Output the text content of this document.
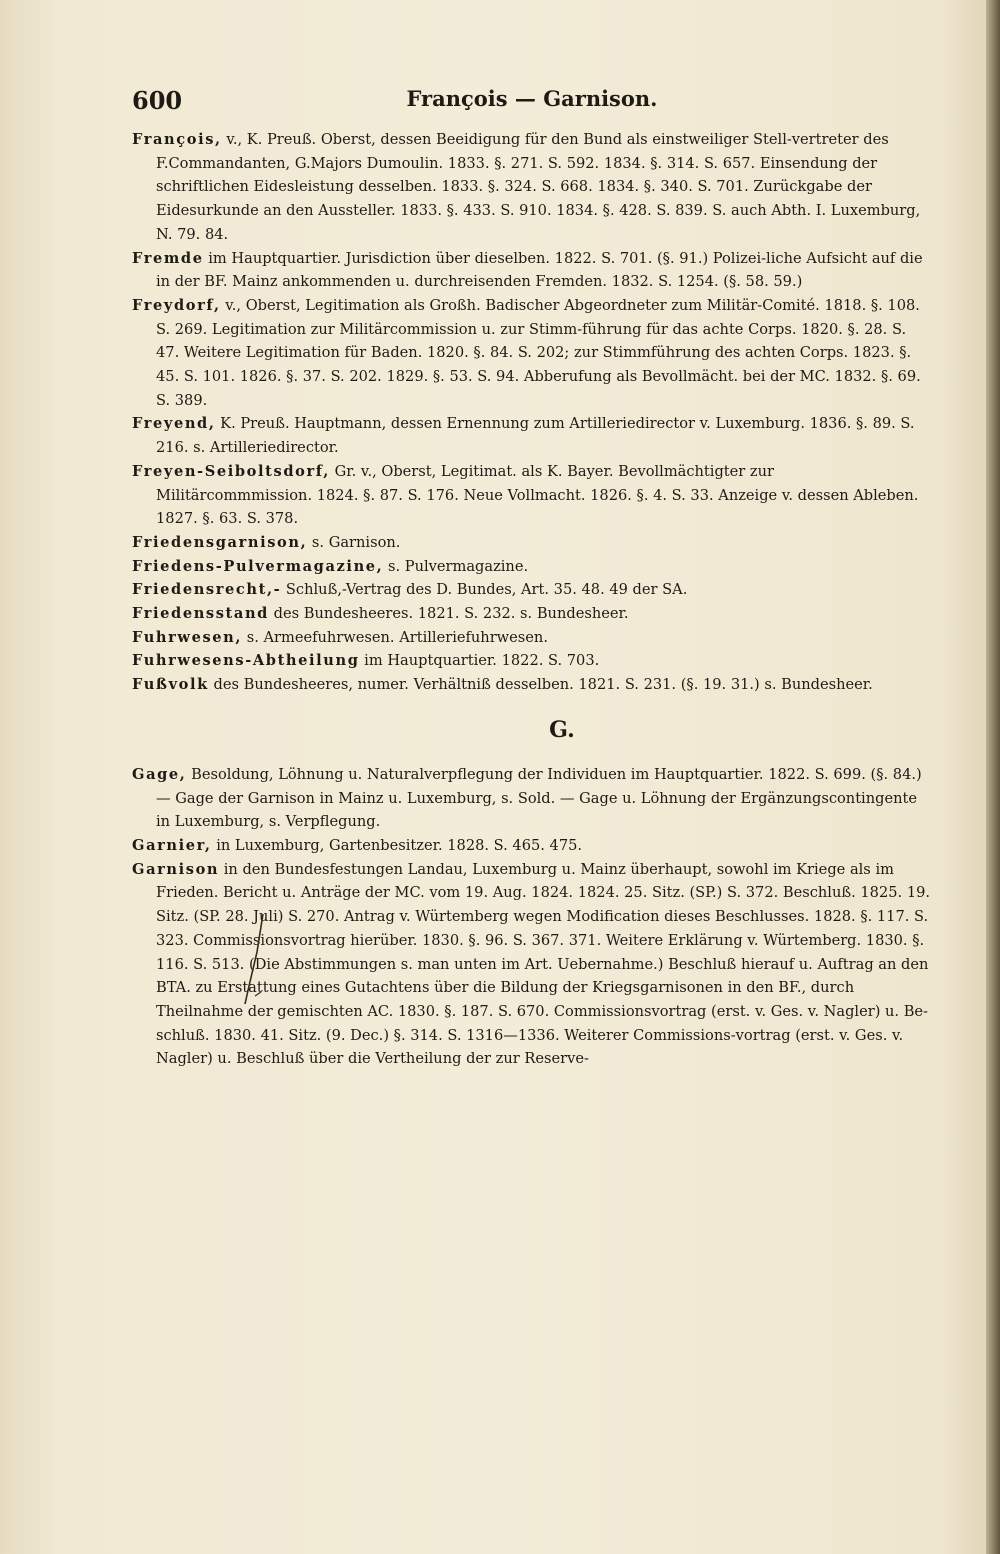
600	François — Garnison.
François, v., K. Preuß. Oberst, dessen Beeidigung für den Bund als einstweiliger Stell-vertreter des F.Commandanten, G.Majors Dumoulin. 1833. §. 271. S. 592. 1834. §. 314. S. 657. Einsendung der schriftlichen Eidesleistung desselben. 1833. §. 324. S. 668. 1834. §. 340. S. 701. Zurückgabe der Eidesurkunde an den Aussteller. 1833. §. 433. S. 910. 1834. §. 428. S. 839. S. auch Abth. I. Luxemburg, N. 79. 84.
Fremde im Hauptquartier. Jurisdiction über dieselben. 1822. S. 701. (§. 91.) Polizei-liche Aufsicht auf die in der BF. Mainz ankommenden u. durchreisenden Fremden. 1832. S. 1254. (§. 58. 59.)
Freydorf, v., Oberst, Legitimation als Großh. Badischer Abgeordneter zum Militär-Comité. 1818. §. 108. S. 269. Legitimation zur Militärcommission u. zur Stimm-führung für das achte Corps. 1820. §. 28. S. 47. Weitere Legitimation für Baden. 1820. §. 84. S. 202; zur Stimmführung des achten Corps. 1823. §. 45. S. 101. 1826. §. 37. S. 202. 1829. §. 53. S. 94. Abberufung als Bevollmächt. bei der MC. 1832. §. 69. S. 389.
Freyend, K. Preuß. Hauptmann, dessen Ernennung zum Artilleriedirector v. Luxemburg. 1836. §. 89. S. 216. s. Artilleriedirector.
Freyen-Seiboltsdorf, Gr. v., Oberst, Legitimat. als K. Bayer. Bevollmächtigter zur Militärcommmission. 1824. §. 87. S. 176. Neue Vollmacht. 1826. §. 4. S. 33. Anzeige v. dessen Ableben. 1827. §. 63. S. 378.
Friedensgarnison, s. Garnison.
Friedens-Pulvermagazine, s. Pulvermagazine.
Friedensrecht,- Schluß,-Vertrag des D. Bundes, Art. 35. 48. 49 der SA.
Friedensstand des Bundesheeres. 1821. S. 232. s. Bundesheer.
Fuhrwesen, s. Armeefuhrwesen. Artilleriefuhrwesen.
Fuhrwesens-Abtheilung im Hauptquartier. 1822. S. 703.
Fußvolk des Bundesheeres, numer. Verhältniß desselben. 1821. S. 231. (§. 19. 31.) s. Bundesheer.
G.
Gage, Besoldung, Löhnung u. Naturalverpflegung der Individuen im Hauptquartier. 1822. S. 699. (§. 84.) — Gage der Garnison in Mainz u. Luxemburg, s. Sold. — Gage u. Löhnung der Ergänzungscontingente in Luxemburg, s. Verpflegung.
Garnier, in Luxemburg, Gartenbesitzer. 1828. S. 465. 475.
Garnison in den Bundesfestungen Landau, Luxemburg u. Mainz überhaupt, sowohl im Kriege als im Frieden. Bericht u. Anträge der MC. vom 19. Aug. 1824. 1824. 25. Sitz. (SP.) S. 372. Beschluß. 1825. 19. Sitz. (SP. 28. Juli) S. 270. Antrag v. Würtemberg wegen Modification dieses Beschlusses. 1828. §. 117. S. 323. Commissionsvortrag hierüber. 1830. §. 96. S. 367. 371. Weitere Erklärung v. Würtemberg. 1830. §. 116. S. 513. (Die Abstimmungen s. man unten im Art. Uebernahme.) Beschluß hierauf u. Auftrag an den BTA. zu Erstattung eines Gutachtens über die Bildung der Kriegsgarnisonen in den BF., durch Theilnahme der gemischten AC. 1830. §. 187. S. 670. Commissionsvortrag (erst. v. Ges. v. Nagler) u. Be-schluß. 1830. 41. Sitz. (9. Dec.) §. 314. S. 1316—1336. Weiterer Commissions-vortrag (erst. v. Ges. v. Nagler) u. Beschluß über die Vertheilung der zur Reserve-
